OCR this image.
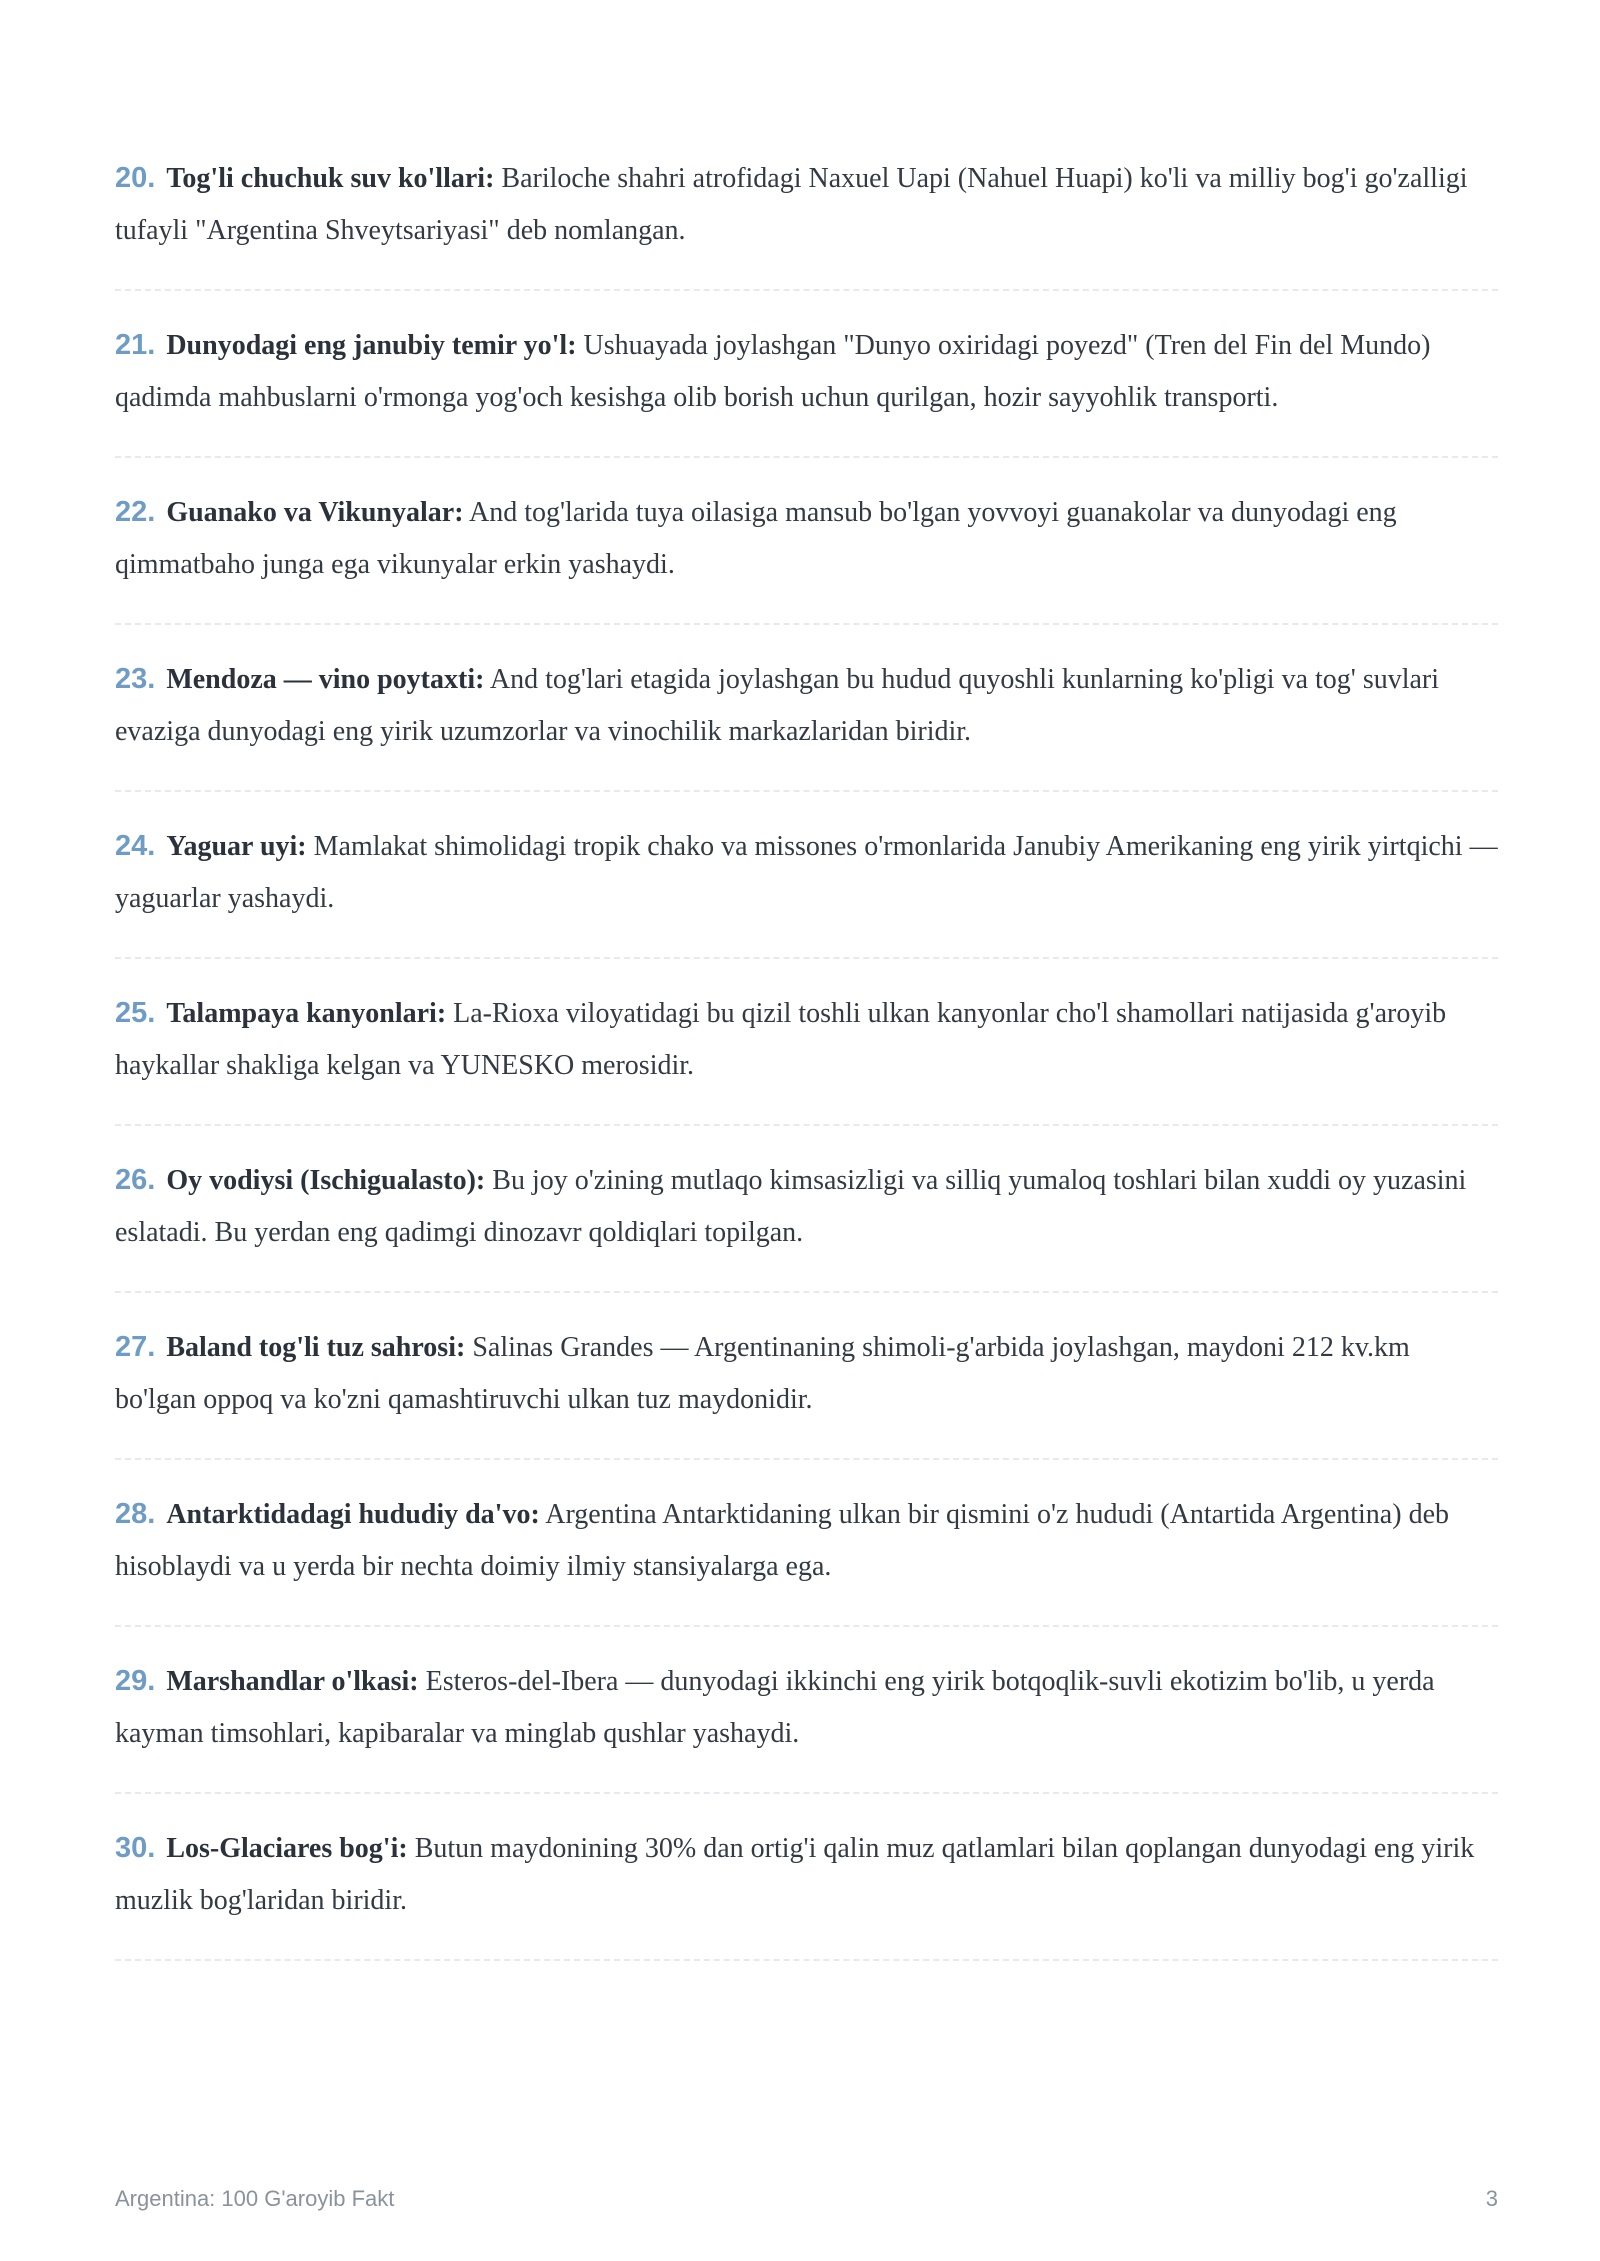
20. Tog'li chuchuk suv ko'llari: Bariloche shahri atrofidagi Naxuel Uapi (Nahuel Huapi) ko'li va milliy bog'i go'zalligi tufayli "Argentina Shveytsariyasi" deb nomlangan.

21. Dunyodagi eng janubiy temir yo'l: Ushuayada joylashgan "Dunyo oxiridagi poyezd" (Tren del Fin del Mundo) qadimda mahbuslarni o'rmonga yog'och kesishga olib borish uchun qurilgan, hozir sayyohlik transporti.

22. Guanako va Vikunyalar: And tog'larida tuya oilasiga mansub bo'lgan yovvoyi guanakolar va dunyodagi eng qimmatbaho junga ega vikunyalar erkin yashaydi.

23. Mendoza — vino poytaxti: And tog'lari etagida joylashgan bu hudud quyoshli kunlarning ko'pligi va tog' suvlari evaziga dunyodagi eng yirik uzumzorlar va vinochilik markazlaridan biridir.

24. Yaguar uyi: Mamlakat shimolidagi tropik chako va missones o'rmonlarida Janubiy Amerikaning eng yirik yirtqichi — yaguarlar yashaydi.

25. Talampaya kanyonlari: La-Rioxa viloyatidagi bu qizil toshli ulkan kanyonlar cho'l shamollari natijasida g'aroyib haykallar shakliga kelgan va YUNESKO merosidir.

26. Oy vodiysi (Ischigualasto): Bu joy o'zining mutlaqo kimsasizligi va silliq yumaloq toshlari bilan xuddi oy yuzasini eslatadi. Bu yerdan eng qadimgi dinozavr qoldiqlari topilgan.

27. Baland tog'li tuz sahrosi: Salinas Grandes — Argentinaning shimoli-g'arbida joylashgan, maydoni 212 kv.km bo'lgan oppoq va ko'zni qamashtiruvchi ulkan tuz maydonidir.

28. Antarktidadagi hududiy da'vo: Argentina Antarktidaning ulkan bir qismini o'z hududi (Antartida Argentina) deb hisoblaydi va u yerda bir nechta doimiy ilmiy stansiyalarga ega.

29. Marshandlar o'lkasi: Esteros-del-Ibera — dunyodagi ikkinchi eng yirik botqoqlik-suvli ekotizim bo'lib, u yerda kayman timsohlari, kapibaralar va minglab qushlar yashaydi.

30. Los-Glaciares bog'i: Butun maydonining 30% dan ortig'i qalin muz qatlamlari bilan qoplangan dunyodagi eng yirik muzlik bog'laridan biridir.

Argentina: 100 G'aroyib Fakt	3
